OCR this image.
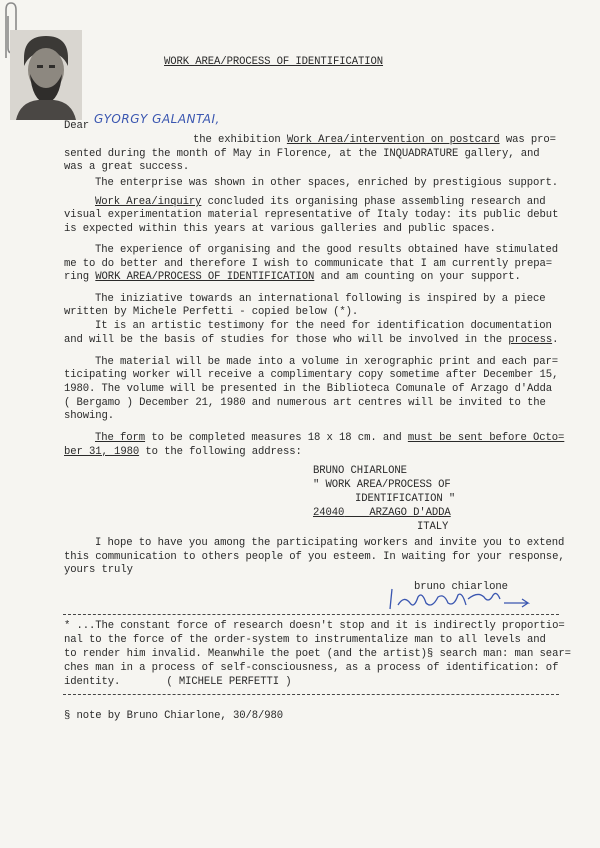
WORK AREA/PROCESS OF IDENTIFICATION
Dear GYORGY GALANTAI,
the exhibition Work Area/intervention on postcard was pro=
sented during the month of May in Florence, at the INQUADRATURE gallery, and
was a great success.
The enterprise was shown in other spaces, enriched by prestigious support.
Work Area/inquiry concluded its organising phase assembling research and
visual experimentation material representative of Italy today: its public debut
is expected within this years at various galleries and public spaces.
The experience of organising and the good results obtained have stimulated
me to do better and therefore I wish to communicate that I am currently prepa=
ring WORK AREA/PROCESS OF IDENTIFICATION and am counting on your support.
The iniziative towards an international following is inspired by a piece
written by Michele Perfetti - copied below (*).
It is an artistic testimony for the need for identification documentation
and will be the basis of studies for those who will be involved in the process.
The material will be made into a volume in xerographic print and each par=
ticipating worker will receive a complimentary copy sometime after December 15,
1980. The volume will be presented in the Biblioteca Comunale of Arzago d'Adda
( Bergamo ) December 21, 1980 and numerous art centres will be invited to the
showing.
The form to be completed measures 18 x 18 cm. and must be sent before Octo=
ber 31, 1980 to the following address:
BRUNO CHIARLONE
" WORK AREA/PROCESS OF
IDENTIFICATION "
24040 ARZAGO D'ADDA
ITALY
I hope to have you among the participating workers and invite you to extend
this communication to others people of you esteem. In waiting for your response,
yours truly
bruno chiarlone
* ...The constant force of research doesn't stop and it is indirectly proportio=
nal to the force of the order-system to instrumentalize man to all levels and
to render him invalid. Meanwhile the poet (and the artist)§ search man: man sear=
ches man in a process of self-consciousness, as a process of identification: of
identity.	( MICHELE PERFETTI )
§ note by Bruno Chiarlone, 30/8/980
